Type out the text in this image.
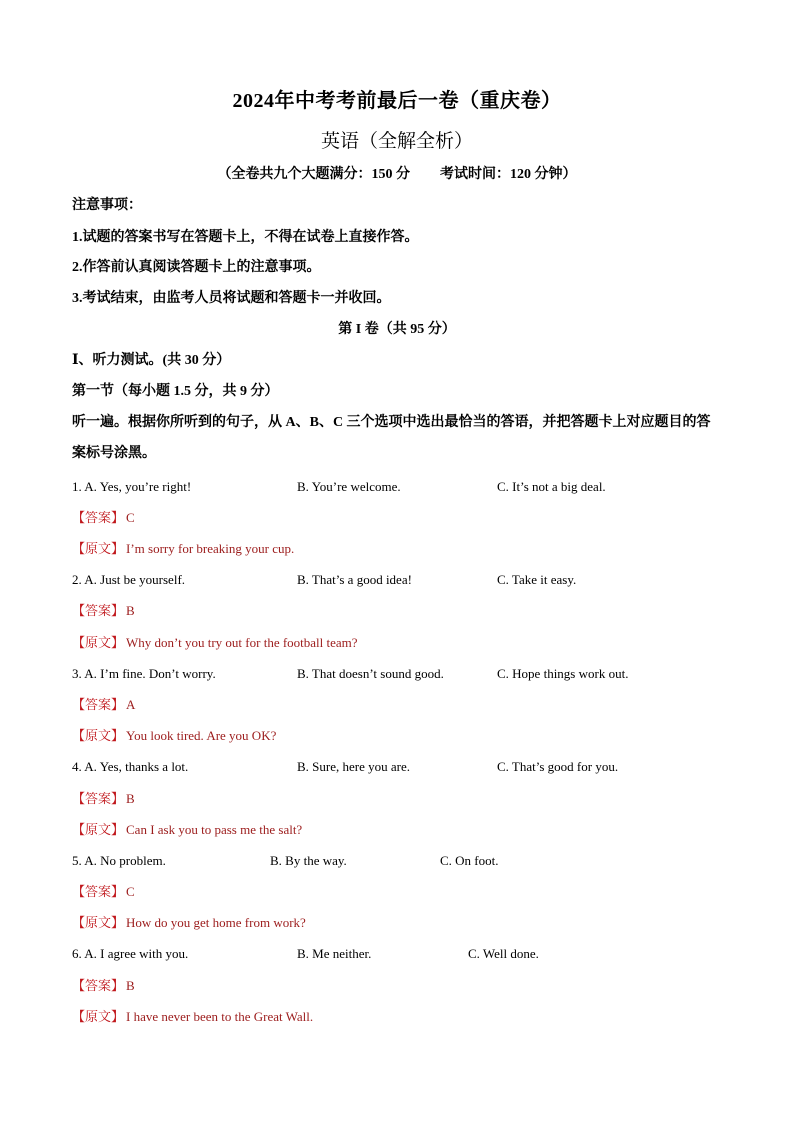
2024年中考考前最后一卷（重庆卷）
英语（全解全析）
（全卷共九个大题满分：150 分 考试时间：120 分钟）
注意事项：
1.试题的答案书写在答题卡上，不得在试卷上直接作答。
2.作答前认真阅读答题卡上的注意事项。
3.考试结束，由监考人员将试题和答题卡一并收回。
第 I 卷（共 95 分）
Ⅰ、听力测试。(共 30 分）
第一节（每小题 1.5 分，共 9 分）
听一遍。根据你所听到的句子，从 A、B、C 三个选项中选出最恰当的答语，并把答题卡上对应题目的答案标号涂黑。
1. A. Yes, you’re right!	B. You’re welcome.	C. It’s not a big deal.
【答案】 C
【原文】 I’m sorry for breaking your cup.
2. A. Just be yourself.	B. That’s a good idea!	C. Take it easy.
【答案】 B
【原文】 Why don’t you try out for the football team?
3. A. I’m fine. Don’t worry.	B. That doesn’t sound good.	C. Hope things work out.
【答案】 A
【原文】 You look tired. Are you OK?
4. A. Yes, thanks a lot.	B. Sure, here you are.	C. That’s good for you.
【答案】 B
【原文】 Can I ask you to pass me the salt?
5. A. No problem.	B. By the way.	C. On foot.
【答案】 C
【原文】 How do you get home from work?
6. A. I agree with you.	B. Me neither.	C. Well done.
【答案】 B
【原文】 I have never been to the Great Wall.
